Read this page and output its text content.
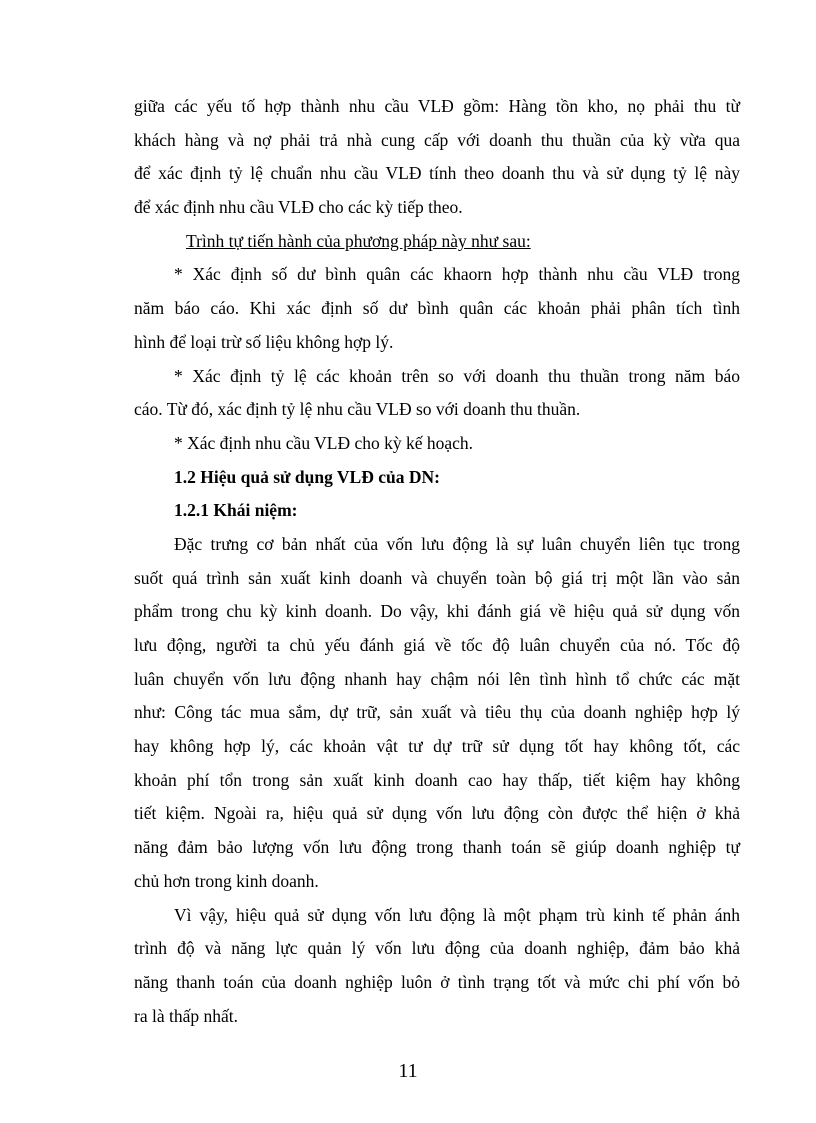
giữa các yếu tố hợp thành nhu cầu VLĐ gồm: Hàng tồn kho, nọ phải thu từ
khách hàng và nợ phải trả nhà cung cấp với doanh thu thuần của kỳ vừa qua
để xác định tỷ lệ chuẩn nhu cầu VLĐ tính theo doanh thu và sử dụng tỷ lệ này
để xác định nhu cầu VLĐ cho các kỳ tiếp theo.
Trình tự tiến hành của phương pháp này như sau:
* Xác định số dư bình quân các khaorn hợp thành nhu cầu VLĐ trong
năm báo cáo. Khi xác định số dư bình quân các khoản phải phân tích tình
hình để loại trừ số liệu không hợp lý.
* Xác định tỷ lệ các khoản trên so với doanh thu thuần trong năm báo
cáo. Từ đó, xác định tỷ lệ nhu cầu VLĐ so với doanh thu thuần.
* Xác định nhu cầu VLĐ cho kỳ kế hoạch.
1.2 Hiệu quả sử dụng VLĐ của DN:
1.2.1 Khái niệm:
Đặc trưng cơ bản nhất của vốn lưu động là sự luân chuyển liên tục trong
suốt quá trình sản xuất kinh doanh và chuyển toàn bộ giá trị một lần vào sản
phẩm trong chu kỳ kinh doanh. Do vậy, khi đánh giá về hiệu quả sử dụng vốn
lưu động, người ta chủ yếu đánh giá về tốc độ luân chuyển của nó. Tốc độ
luân chuyển vốn lưu động nhanh hay chậm nói lên tình hình tổ chức các mặt
như: Công tác mua sắm, dự trữ, sản xuất và tiêu thụ của doanh nghiệp hợp lý
hay không hợp lý, các khoản vật tư dự trữ sử dụng tốt hay không tốt, các
khoản phí tổn trong sản xuất kinh doanh cao hay thấp, tiết kiệm hay không
tiết kiệm. Ngoài ra, hiệu quả sử dụng vốn lưu động còn được thể hiện ở khả
năng đảm bảo lượng vốn lưu động trong thanh toán sẽ giúp doanh nghiệp tự
chủ hơn trong kinh doanh.
Vì vậy, hiệu quả sử dụng vốn lưu động là một phạm trù kinh tế phản ánh
trình độ và năng lực quản lý vốn lưu động của doanh nghiệp, đảm bảo khả
năng thanh toán của doanh nghiệp luôn ở tình trạng tốt và mức chi phí vốn bỏ
ra là thấp nhất.
11
